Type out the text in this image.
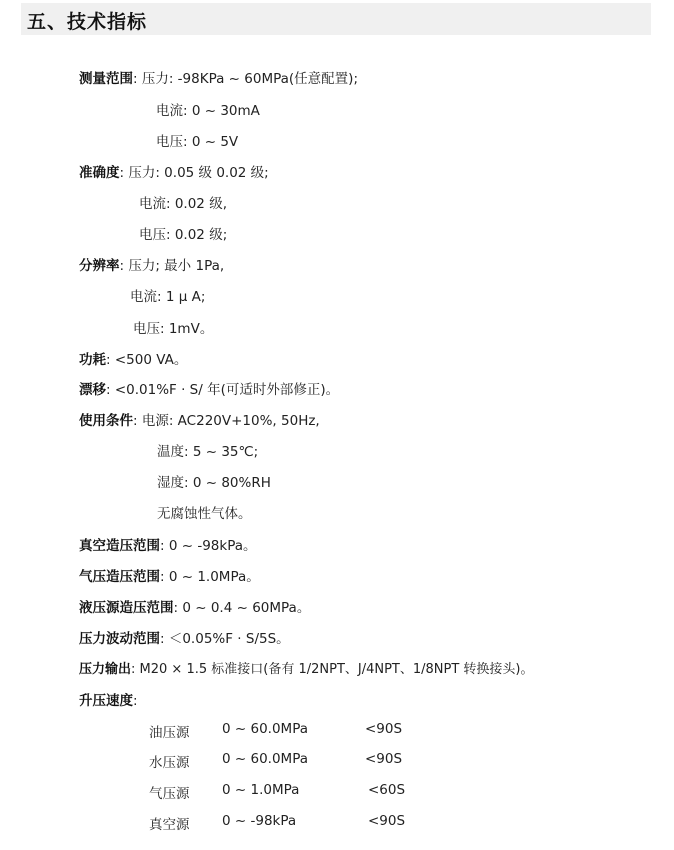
五、技术指标
测量范围: 压力: -98KPa ~ 60MPa(任意配置);
电流: 0 ~ 30mA
电压: 0 ~ 5V
准确度: 压力: 0.05 级 0.02 级;
电流: 0.02 级,
电压: 0.02 级;
分辨率: 压力; 最小 1Pa,
电流: 1 μ A;
电压: 1mV。
功耗: <500 VA。
漂移: <0.01%F · S/ 年(可适时外部修正)。
使用条件: 电源: AC220V+10%, 50Hz,
温度: 5 ~ 35℃;
湿度: 0 ~ 80%RH
无腐蚀性气体。
真空造压范围: 0 ~ -98kPa。
气压造压范围: 0 ~ 1.0MPa。
液压源造压范围: 0 ~ 0.4 ~ 60MPa。
压力波动范围: ＜0.05%F · S/5S。
压力输出: M20 × 1.5 标准接口(备有 1/2NPT、J/4NPT、1/8NPT 转换接头)。
升压速度:
油压源 0 ~ 60.0MPa	<90S
水压源 0 ~ 60.0MPa	<90S
气压源 0 ~ 1.0MPa	<60S
真空源 0 ~ -98kPa	<90S
